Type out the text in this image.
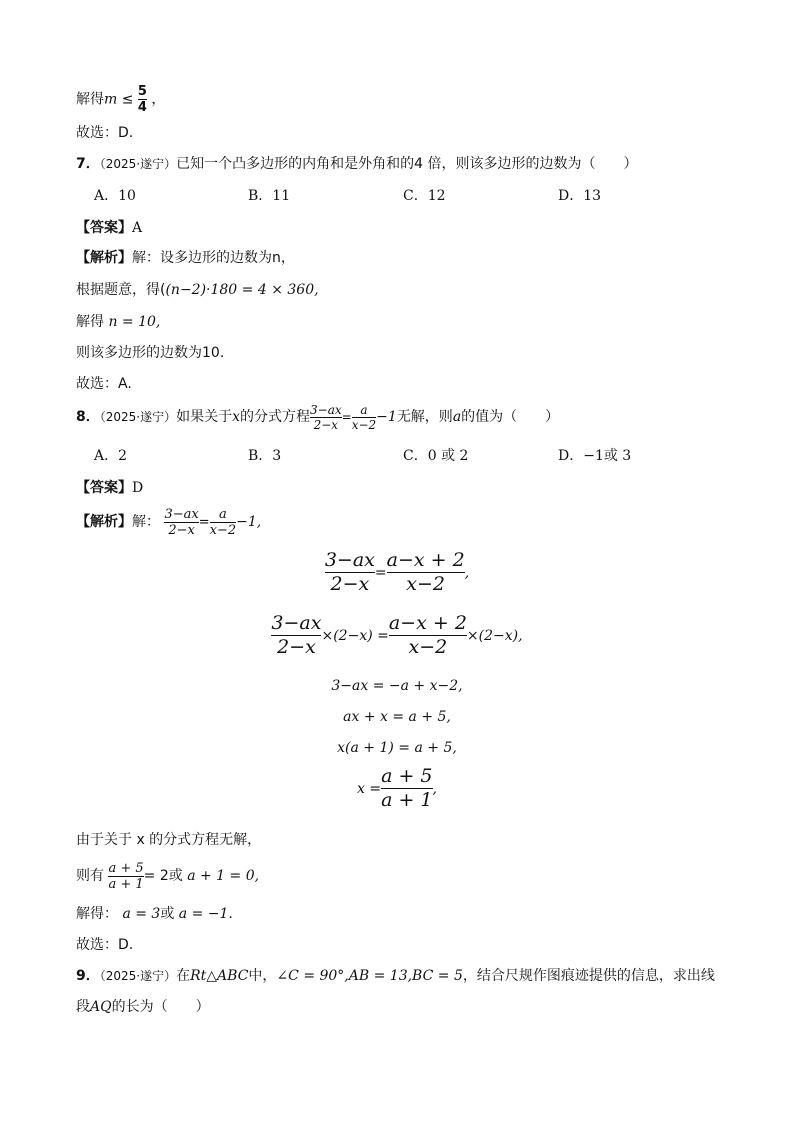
解得$m \le \frac{5}{4}$ ，
故选：D.
7．（2025·遂宁）已知一个凸多边形的内角和是外角和的4 倍，则该多边形的边数为（　　）
A．10	B．11	C．12	D．13
【答案】A
【解析】解：设多边形的边数为n，
根据题意，得((n−2)·180 = 4 × 360,
解得 n = 10,
则该多边形的边数为10.
故选：A.
8．（2025·遂宁）如果关于x的分式方程 $\frac{3-ax}{2-x} = \frac{a}{x-2} -1$无解，则a的值为（　　）
A．2	B．3	C．0 或 2	D．−1或 3
【答案】D
【解析】解： $\frac{3-ax}{2-x} = \frac{a}{x-2} -1$,
$\frac{3-ax}{2-x} = \frac{a-x + 2}{x-2}$ ,
$\frac{3-ax}{2-x} \times(2-x) = \frac{a-x + 2}{x-2} \times(2-x)$,
3−ax = −a + x−2,
ax + x = a + 5,
x(a + 1) = a + 5,
$x = \frac{a + 5}{a + 1}$ ,
由于关于 x 的分式方程无解，
则有 $\frac{a + 5}{a + 1} = 2$或 a + 1 = 0,
解得： a = 3或 a = −1.
故选：D.
9．（2025·遂宁）在Rt△ABC中，∠C = 90°,AB = 13,BC = 5，结合尺规作图痕迹提供的信息，求出线
段AQ的长为（　　）
